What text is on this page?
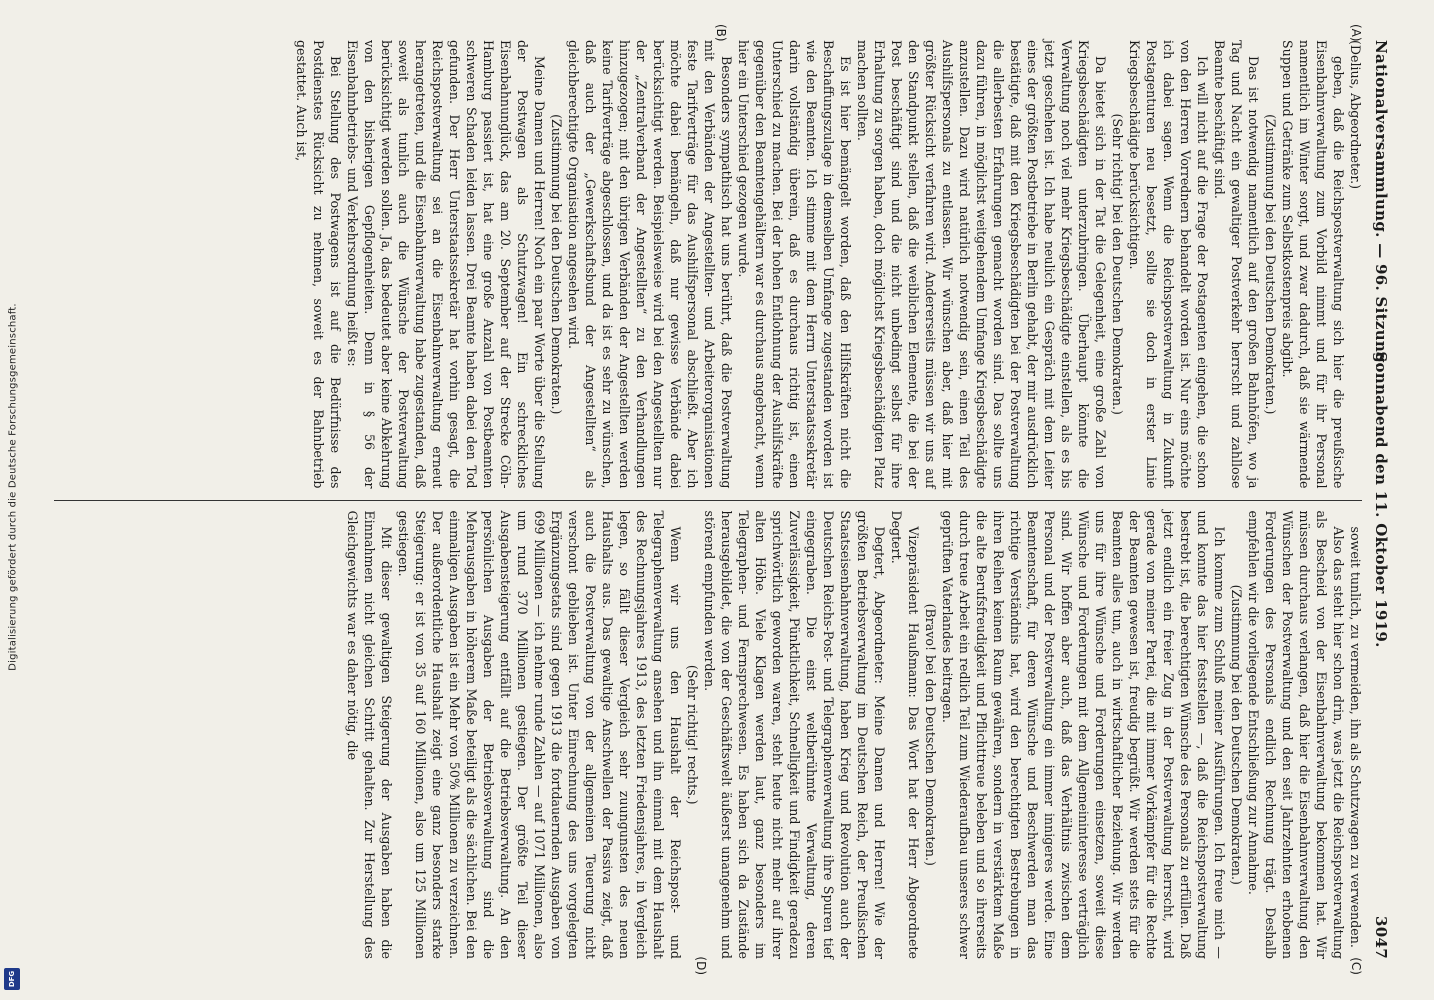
Digitalisierung gefördert durch die Deutsche Forschungsgemeinschaft.
DFG
Nationalversammlung. — 96. Sitzung.
Sonnabend den 11. Oktober 1919.
3047
(A)
(B)

(Delius, Abgeordneter.)

geben, daß die Reichspostverwaltung sich hier die preußische Eisenbahnverwaltung zum Vorbild nimmt und für ihr Personal namentlich im Winter sorgt, und zwar dadurch, daß sie wärmende Suppen und Getränke zum Selbstkostenpreis abgibt.

(Zustimmung bei den Deutschen Demokraten.)

Das ist notwendig namentlich auf den großen Bahnhöfen, wo ja Tag und Nacht ein gewaltiger Postverkehr herrscht und zahllose Beamte beschäftigt sind.

Ich will nicht auf die Frage der Postagenten eingehen, die schon von den Herren Vorrednern behandelt worden ist. Nur eins möchte ich dabei sagen. Wenn die Reichspostverwaltung in Zukunft Postagenturen neu besetzt, sollte sie doch in erster Linie Kriegsbeschädigte berücksichtigen.

(Sehr richtig! bei den Deutschen Demokraten.)

Da bietet sich in der Tat die Gelegenheit, eine große Zahl von Kriegsbeschädigten unterzubringen. Überhaupt könnte die Verwaltung noch viel mehr Kriegsbeschädigte einstellen, als es bis jetzt geschehen ist. Ich habe neulich ein Gespräch mit dem Leiter eines der größten Postbetriebe in Berlin gehabt, der mir ausdrücklich bestätigte, daß mit den Kriegsbeschädigten bei der Postverwaltung die allerbesten Erfahrungen gemacht worden sind. Das sollte uns dazu führen, in möglichst weitgehendem Umfange Kriegsbeschädigte anzustellen. Dazu wird natürlich notwendig sein, einen Teil des Aushilfspersonals zu entlassen. Wir wünschen aber, daß hier mit größter Rücksicht verfahren wird. Andererseits müssen wir uns auf den Standpunkt stellen, daß die weiblichen Elemente, die bei der Post beschäftigt sind und die nicht unbedingt selbst für ihre Erhaltung zu sorgen haben, doch möglichst Kriegsbeschädigten Platz machen sollten.

Es ist hier bemängelt worden, daß den Hilfskräften nicht die Beschaffungszulage in demselben Umfange zugestanden worden ist wie den Beamten. Ich stimme mit dem Herrn Unterstaatssekretär darin vollständig überein, daß es durchaus richtig ist, einen Unterschied zu machen. Bei der hohen Entlohnung der Aushilfskräfte gegenüber den Beamtengehältern war es durchaus angebracht, wenn hier ein Unterschied gezogen wurde.

Besonders sympathisch hat uns berührt, daß die Postverwaltung mit den Verbänden der Angestellten- und Arbeiterorganisationen feste Tarifverträge für das Aushilfspersonal abschließt. Aber ich möchte dabei bemängeln, daß nur gewisse Verbände dabei berücksichtigt werden. Beispielsweise wird bei den Angestellten nur der „Zentralverband der Angestellten“ zu den Verhandlungen hinzugezogen; mit den übrigen Verbänden der Angestellten werden keine Tarifverträge abgeschlossen, und da ist es sehr zu wünschen, daß auch der „Gewerkschaftsbund der Angestellten“ als gleichberechtigte Organisation angesehen wird.

(Zustimmung bei den Deutschen Demokraten.)

Meine Damen und Herren! Noch ein paar Worte über die Stellung der Postwagen als Schutzwagen! Ein schreckliches Eisenbahnunglück, das am 20. September auf der Strecke Cöln-Hamburg passiert ist, hat eine große Anzahl von Postbeamten schweren Schaden leiden lassen. Drei Beamte haben dabei den Tod gefunden. Der Herr Unterstaatssekretär hat vorhin gesagt, die Reichspostverwaltung sei an die Eisenbahnverwaltung erneut herangetreten, und die Eisenbahnverwaltung habe zugestanden, daß soweit als tunlich auch die Wünsche der Postverwaltung berücksichtigt werden sollen. Ja, das bedeutet aber keine Abkehrung von den bisherigen Gepflogenheiten. Denn in § 56 der Eisenbahnbetriebs- und Verkehrsordnung heißt es:

Bei Stellung des Postwagens ist auf die Bedürfnisse des Postdienstes Rücksicht zu nehmen, soweit es der Bahnbetrieb gestattet. Auch ist,

(C)
(D)

soweit tunlich, zu vermeiden, ihn als Schutzwagen zu verwenden.

Also das steht hier schon drin, was jetzt die Reichspostverwaltung als Bescheid von der Eisenbahnverwaltung bekommen hat. Wir müssen durchaus verlangen, daß hier die Eisenbahnverwaltung den Wünschen der Postverwaltung und den seit Jahrzehnten erhobenen Forderungen des Personals endlich Rechnung trägt. Deshalb empfehlen wir die vorliegende Entschließung zur Annahme.

(Zustimmung bei den Deutschen Demokraten.)

Ich komme zum Schluß meiner Ausführungen. Ich freue mich — und konnte das hier feststellen —, daß die Reichspostverwaltung bestrebt ist, die berechtigten Wünsche des Personals zu erfüllen. Daß jetzt endlich ein freier Zug in der Postverwaltung herrscht, wird gerade von meiner Partei, die mit immer Vorkämpfer für die Rechte der Beamten gewesen ist, freudig begrüßt. Wir werden stets für die Beamten alles tun, auch in wirtschaftlicher Beziehung. Wir werden uns für ihre Wünsche und Forderungen einsetzen, soweit diese Wünsche und Forderungen mit dem Allgemeininteresse verträglich sind. Wir hoffen aber auch, daß das Verhältnis zwischen dem Personal und der Postverwaltung ein immer innigeres werde. Eine Beamtenschaft, für deren Wünsche und Beschwerden man das richtige Verständnis hat, wird den berechtigten Bestrebungen in ihren Reihen keinen Raum gewähren, sondern in verstärktem Maße die alte Berufsfreudigkeit und Pflichttreue beleben und so ihrerseits durch treue Arbeit ein redlich Teil zum Wiederaufbau unseres schwer geprüften Vaterlandes beitragen.

(Bravo! bei den Deutschen Demokraten.)

Vizepräsident Haußmann: Das Wort hat der Herr Abgeordnete Degtert.

Degtert, Abgeordneter: Meine Damen und Herren! Wie der größten Betriebsverwaltung im Deutschen Reich, der Preußischen Staatseisenbahnverwaltung, haben Krieg und Revolution auch der Deutschen Reichs-Post- und Telegraphenverwaltung ihre Spuren tief eingegraben. Die einst weltberühmte Verwaltung, deren Zuverlässigkeit, Pünktlichkeit, Schnelligkeit und Findigkeit geradezu sprichwörtlich geworden waren, steht heute nicht mehr auf ihrer alten Höhe. Viele Klagen werden laut, ganz besonders im Telegraphen- und Fernsprechwesen. Es haben sich da Zustände herausgebildet, die von der Geschäftswelt äußerst unangenehm und störend empfunden werden.

(Sehr richtig! rechts.)

Wenn wir uns den Haushalt der Reichspost- und Telegraphenverwaltung ansehen und ihn einmal mit dem Haushalt des Rechnungsjahres 1913, des letzten Friedensjahres, in Vergleich legen, so fällt dieser Vergleich sehr zuungunsten des neuen Haushalts aus. Das gewaltige Anschwellen der Passiva zeigt, daß auch die Postverwaltung von der allgemeinen Teuerung nicht verschont geblieben ist. Unter Einrechnung des uns vorgelegten Ergänzungsetats sind gegen 1913 die fortdauernden Ausgaben von 699 Millionen — ich nehme runde Zahlen — auf 1071 Millionen, also um rund 370 Millionen gestiegen. Der größte Teil dieser Ausgabensteigerung entfällt auf die Betriebsverwaltung. An den persönlichen Ausgaben der Betriebsverwaltung sind die Mehrausgaben in höherem Maße beteiligt als die sächlichen. Bei den einmaligen Ausgaben ist ein Mehr von 50% Millionen zu verzeichnen. Der außerordentliche Haushalt zeigt eine ganz besonders starke Steigerung: er ist von 35 auf 160 Millionen, also um 125 Millionen gestiegen.

Mit dieser gewaltigen Steigerung der Ausgaben haben die Einnahmen nicht gleichen Schritt gehalten. Zur Herstellung des Gleichgewichts war es daher nötig, die
